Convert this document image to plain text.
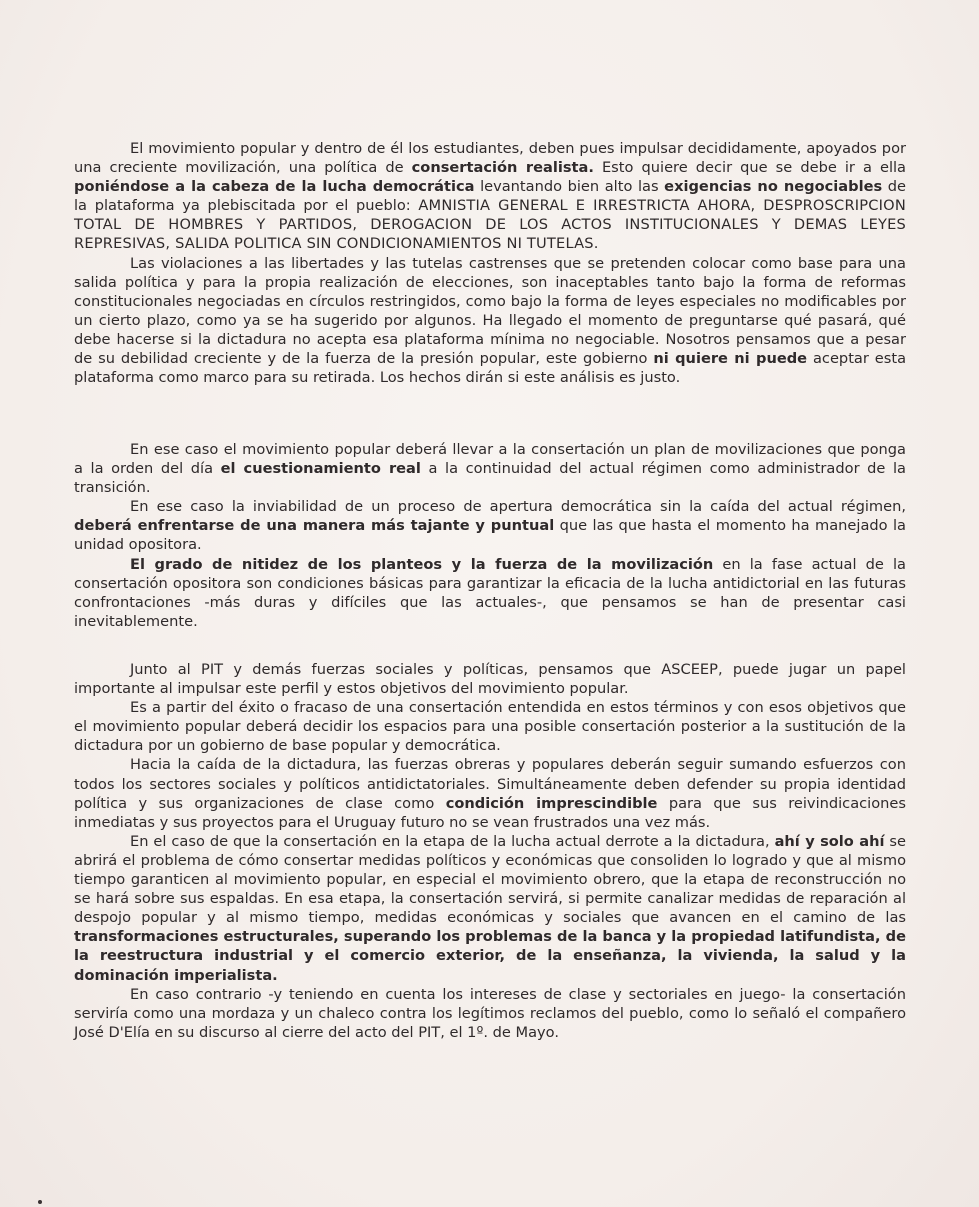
El movimiento popular y dentro de él los estudiantes, deben pues impulsar decididamente, apoyados por una creciente movilización, una política de consertación realista. Esto quiere decir que se debe ir a ella poniéndose a la cabeza de la lucha democrática levantando bien alto las exigencias no negociables de la plataforma ya plebiscitada por el pueblo: AMNISTIA GENERAL E IRRESTRICTA AHORA, DESPROSCRIPCION TOTAL DE HOMBRES Y PARTIDOS, DEROGACION DE LOS ACTOS INSTITUCIONALES Y DEMAS LEYES REPRESIVAS, SALIDA POLITICA SIN CONDICIONAMIENTOS NI TUTELAS.

Las violaciones a las libertades y las tutelas castrenses que se pretenden colocar como base para una salida política y para la propia realización de elecciones, son inaceptables tanto bajo la forma de reformas constitucionales negociadas en círculos restringidos, como bajo la forma de leyes especiales no modificables por un cierto plazo, como ya se ha sugerido por algunos. Ha llegado el momento de preguntarse qué pasará, qué debe hacerse si la dictadura no acepta esa plataforma mínima no negociable. Nosotros pensamos que a pesar de su debilidad creciente y de la fuerza de la presión popular, este gobierno ni quiere ni puede aceptar esta plataforma como marco para su retirada. Los hechos dirán si este análisis es justo.

En ese caso el movimiento popular deberá llevar a la consertación un plan de movilizaciones que ponga a la orden del día el cuestionamiento real a la continuidad del actual régimen como administrador de la transición.

En ese caso la inviabilidad de un proceso de apertura democrática sin la caída del actual régimen, deberá enfrentarse de una manera más tajante y puntual que las que hasta el momento ha manejado la unidad opositora.

El grado de nitidez de los planteos y la fuerza de la movilización en la fase actual de la consertación opositora son condiciones básicas para garantizar la eficacia de la lucha antidictorial en las futuras confrontaciones -más duras y difíciles que las actuales-, que pensamos se han de presentar casi inevitablemente.

Junto al PIT y demás fuerzas sociales y políticas, pensamos que ASCEEP, puede jugar un papel importante al impulsar este perfil y estos objetivos del movimiento popular.

Es a partir del éxito o fracaso de una consertación entendida en estos términos y con esos objetivos que el movimiento popular deberá decidir los espacios para una posible consertación posterior a la sustitución de la dictadura por un gobierno de base popular y democrática.

Hacia la caída de la dictadura, las fuerzas obreras y populares deberán seguir sumando esfuerzos con todos los sectores sociales y políticos antidictatoriales. Simultáneamente deben defender su propia identidad política y sus organizaciones de clase como condición imprescindible para que sus reivindicaciones inmediatas y sus proyectos para el Uruguay futuro no se vean frustrados una vez más.

En el caso de que la consertación en la etapa de la lucha actual derrote a la dictadura, ahí y solo ahí se abrirá el problema de cómo consertar medidas políticos y económicas que consoliden lo logrado y que al mismo tiempo garanticen al movimiento popular, en especial el movimiento obrero, que la etapa de reconstrucción no se hará sobre sus espaldas. En esa etapa, la consertación servirá, si permite canalizar medidas de reparación al despojo popular y al mismo tiempo, medidas económicas y sociales que avancen en el camino de las transformaciones estructurales, superando los problemas de la banca y la propiedad latifundista, de la reestructura industrial y el comercio exterior, de la enseñanza, la vivienda, la salud y la dominación imperialista.

En caso contrario -y teniendo en cuenta los intereses de clase y sectoriales en juego- la consertación serviría como una mordaza y un chaleco contra los legítimos reclamos del pueblo, como lo señaló el compañero José D'Elía en su discurso al cierre del acto del PIT, el 1º. de Mayo.
